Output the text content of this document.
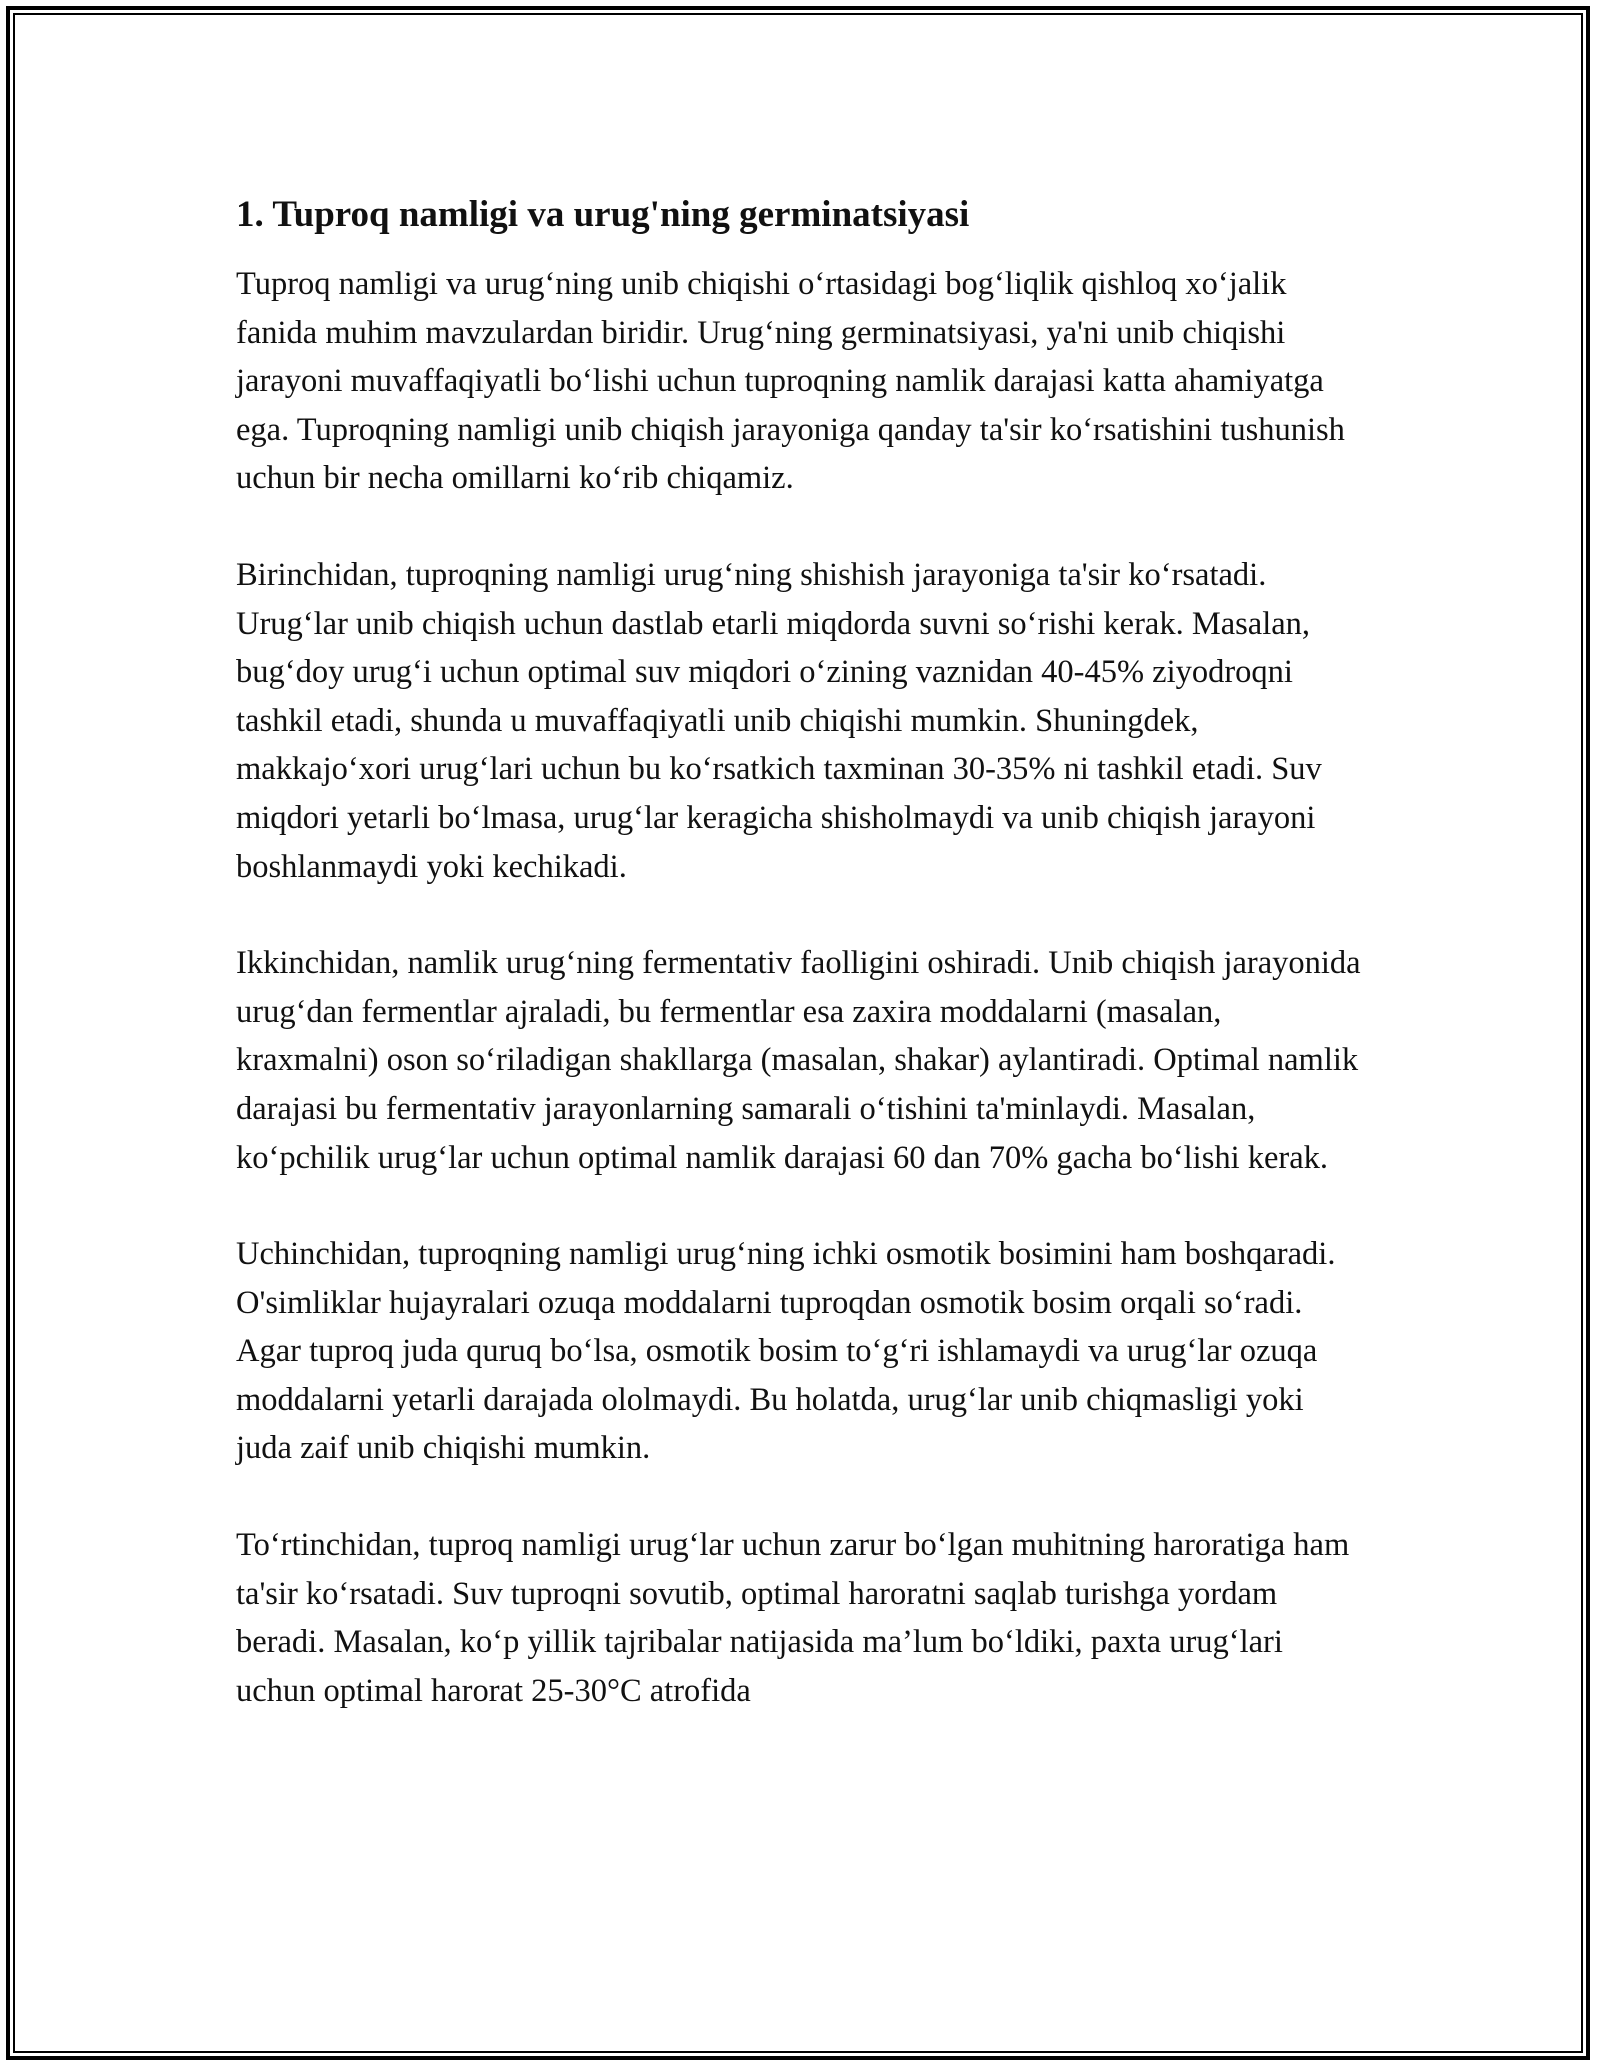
1. Tuproq namligi va urug'ning germinatsiyasi

Tuproq namligi va urug‘ning unib chiqishi o‘rtasidagi bog‘liqlik qishloq xo‘jalik fanida muhim mavzulardan biridir. Urug‘ning germinatsiyasi, ya'ni unib chiqishi jarayoni muvaffaqiyatli bo‘lishi uchun tuproqning namlik darajasi katta ahamiyatga ega. Tuproqning namligi unib chiqish jarayoniga qanday ta'sir ko‘rsatishini tushunish uchun bir necha omillarni ko‘rib chiqamiz.

Birinchidan, tuproqning namligi urug‘ning shishish jarayoniga ta'sir ko‘rsatadi. Urug‘lar unib chiqish uchun dastlab etarli miqdorda suvni so‘rishi kerak. Masalan, bug‘doy urug‘i uchun optimal suv miqdori o‘zining vaznidan 40-45% ziyodroqni tashkil etadi, shunda u muvaffaqiyatli unib chiqishi mumkin. Shuningdek, makkajo‘xori urug‘lari uchun bu ko‘rsatkich taxminan 30-35% ni tashkil etadi. Suv miqdori yetarli bo‘lmasa, urug‘lar keragicha shisholmaydi va unib chiqish jarayoni boshlanmaydi yoki kechikadi.

Ikkinchidan, namlik urug‘ning fermentativ faolligini oshiradi. Unib chiqish jarayonida urug‘dan fermentlar ajraladi, bu fermentlar esa zaxira moddalarni (masalan, kraxmalni) oson so‘riladigan shakllarga (masalan, shakar) aylantiradi. Optimal namlik darajasi bu fermentativ jarayonlarning samarali o‘tishini ta'minlaydi. Masalan, ko‘pchilik urug‘lar uchun optimal namlik darajasi 60 dan 70% gacha bo‘lishi kerak.

Uchinchidan, tuproqning namligi urug‘ning ichki osmotik bosimini ham boshqaradi. O'simliklar hujayralari ozuqa moddalarni tuproqdan osmotik bosim orqali so‘radi. Agar tuproq juda quruq bo‘lsa, osmotik bosim to‘g‘ri ishlamaydi va urug‘lar ozuqa moddalarni yetarli darajada ololmaydi. Bu holatda, urug‘lar unib chiqmasligi yoki juda zaif unib chiqishi mumkin.

To‘rtinchidan, tuproq namligi urug‘lar uchun zarur bo‘lgan muhitning haroratiga ham ta'sir ko‘rsatadi. Suv tuproqni sovutib, optimal haroratni saqlab turishga yordam beradi. Masalan, ko‘p yillik tajribalar natijasida ma’lum bo‘ldiki, paxta urug‘lari uchun optimal harorat 25-30°C atrofida
